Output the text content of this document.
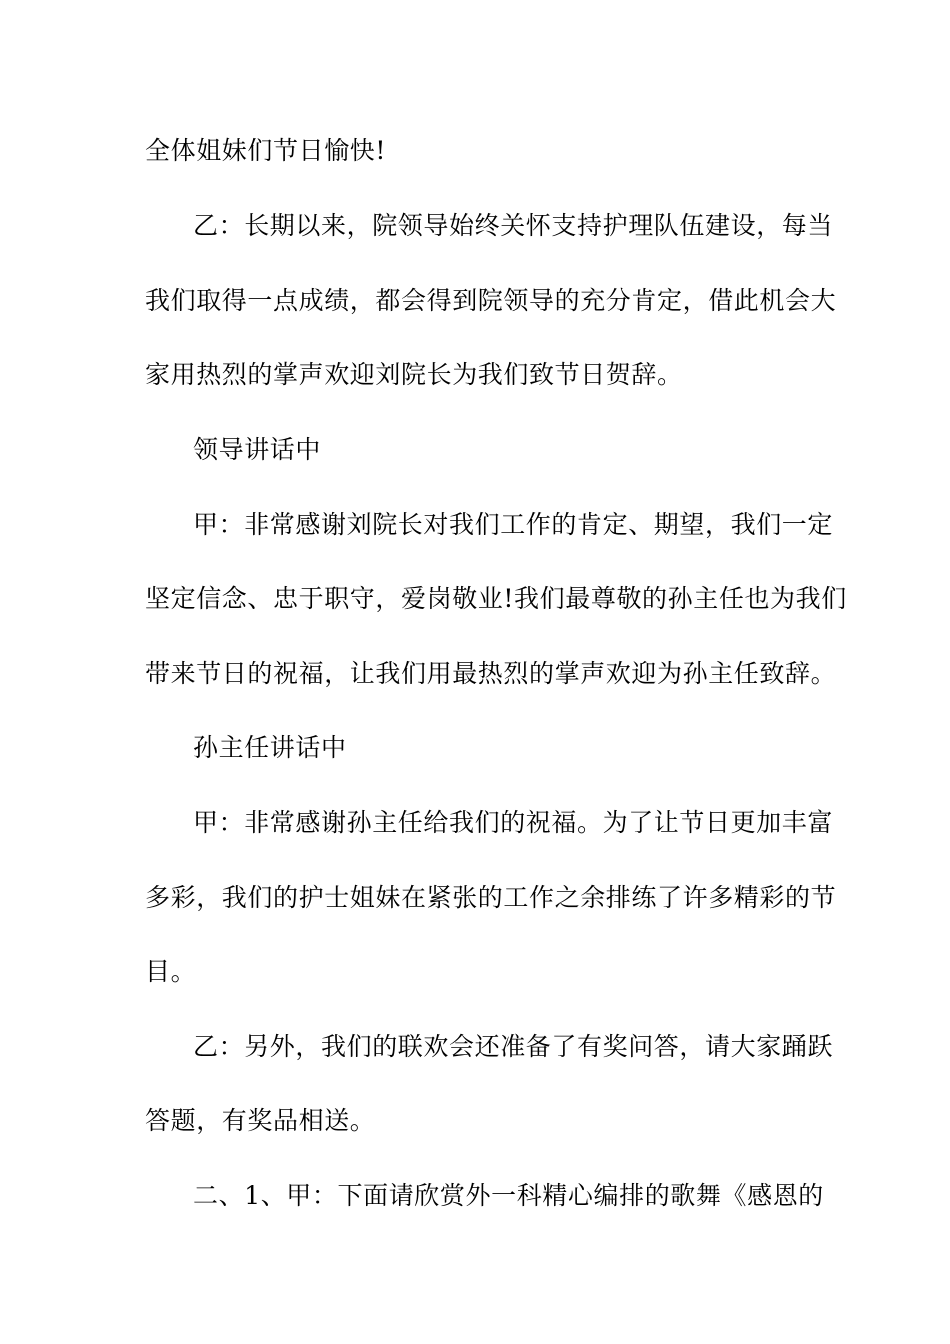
全体姐妹们节日愉快!
乙：长期以来，院领导始终关怀支持护理队伍建设，每当
我们取得一点成绩，都会得到院领导的充分肯定，借此机会大
家用热烈的掌声欢迎刘院长为我们致节日贺辞。
领导讲话中
甲：非常感谢刘院长对我们工作的肯定、期望，我们一定
坚定信念、忠于职守，爱岗敬业!我们最尊敬的孙主任也为我们
带来节日的祝福，让我们用最热烈的掌声欢迎为孙主任致辞。
孙主任讲话中
甲：非常感谢孙主任给我们的祝福。为了让节日更加丰富
多彩，我们的护士姐妹在紧张的工作之余排练了许多精彩的节
目。
乙：另外，我们的联欢会还准备了有奖问答，请大家踊跃
答题，有奖品相送。
二、1、甲：下面请欣赏外一科精心编排的歌舞《感恩的
